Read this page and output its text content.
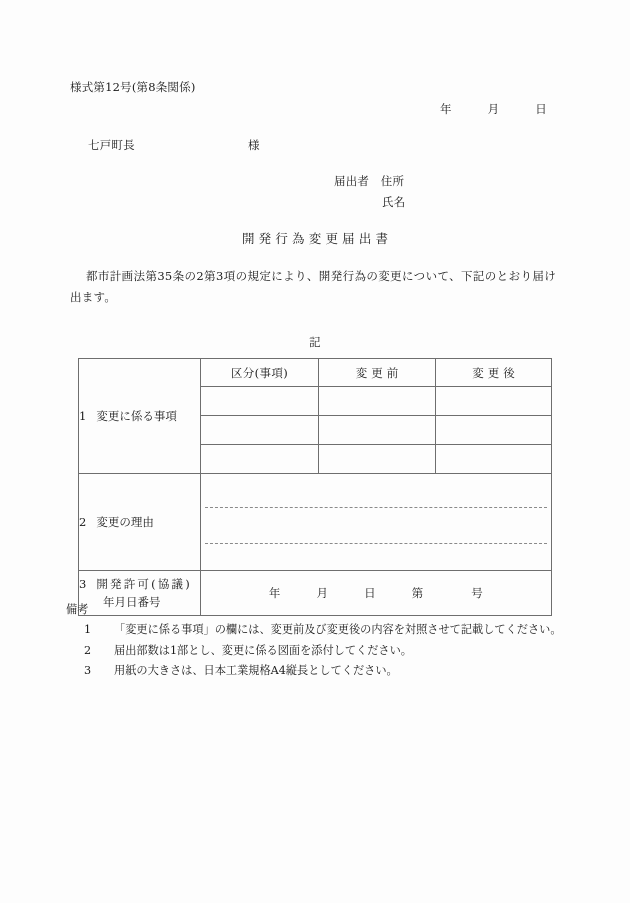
様式第12号(第8条関係)
年　　　月　　　日
七戸町長	様
届出者　住所
氏名
開発行為変更届出書
都市計画法第35条の2第3項の規定により、開発行為の変更について、下記のとおり届け出ます。
記
1 変更に係る事項	区分(事項)	変更前	変更後

2 変更の理由			

3 開発許可(協議)
年月日番号	年　　　月　　　日　　　第　　　　号		

備考

1 「変更に係る事項」の欄には、変更前及び変更後の内容を対照させて記載してください。
2 届出部数は1部とし、変更に係る図面を添付してください。
3 用紙の大きさは、日本工業規格A4縦長としてください。
